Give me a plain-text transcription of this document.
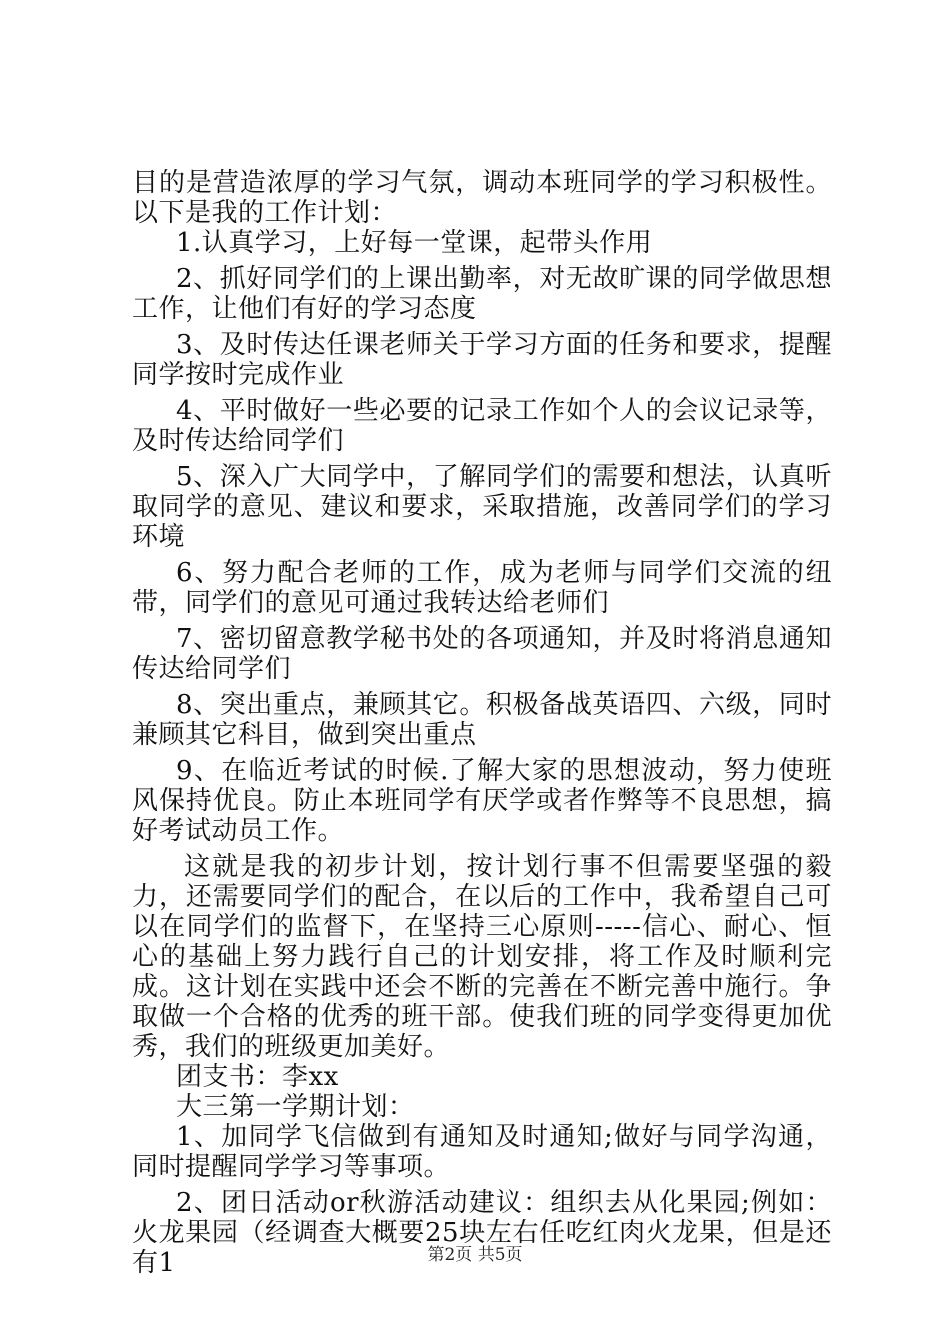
目的是营造浓厚的学习气氛，调动本班同学的学习积极性。以下是我的工作计划：

1.认真学习，上好每一堂课，起带头作用

2、抓好同学们的上课出勤率，对无故旷课的同学做思想工作，让他们有好的学习态度

3、及时传达任课老师关于学习方面的任务和要求，提醒同学按时完成作业

4、平时做好一些必要的记录工作如个人的会议记录等，及时传达给同学们

5、深入广大同学中，了解同学们的需要和想法，认真听取同学的意见、建议和要求，采取措施，改善同学们的学习环境

6、努力配合老师的工作，成为老师与同学们交流的纽带，同学们的意见可通过我转达给老师们

7、密切留意教学秘书处的各项通知，并及时将消息通知传达给同学们

8、突出重点，兼顾其它。积极备战英语四、六级，同时兼顾其它科目，做到突出重点

9、在临近考试的时候.了解大家的思想波动，努力使班风保持优良。防止本班同学有厌学或者作弊等不良思想，搞好考试动员工作。

这就是我的初步计划，按计划行事不但需要坚强的毅力，还需要同学们的配合，在以后的工作中，我希望自己可以在同学们的监督下，在坚持三心原则-----信心、耐心、恒心的基础上努力践行自己的计划安排，将工作及时顺利完成。这计划在实践中还会不断的完善在不断完善中施行。争取做一个合格的优秀的班干部。使我们班的同学变得更加优秀，我们的班级更加美好。

团支书：李xx

大三第一学期计划：

1、加同学飞信做到有通知及时通知;做好与同学沟通，同时提醒同学学习等事项。

2、团日活动or秋游活动建议：组织去从化果园;例如：火龙果园（经调查大概要25块左右任吃红肉火龙果，但是还有1	第2页 共5页
